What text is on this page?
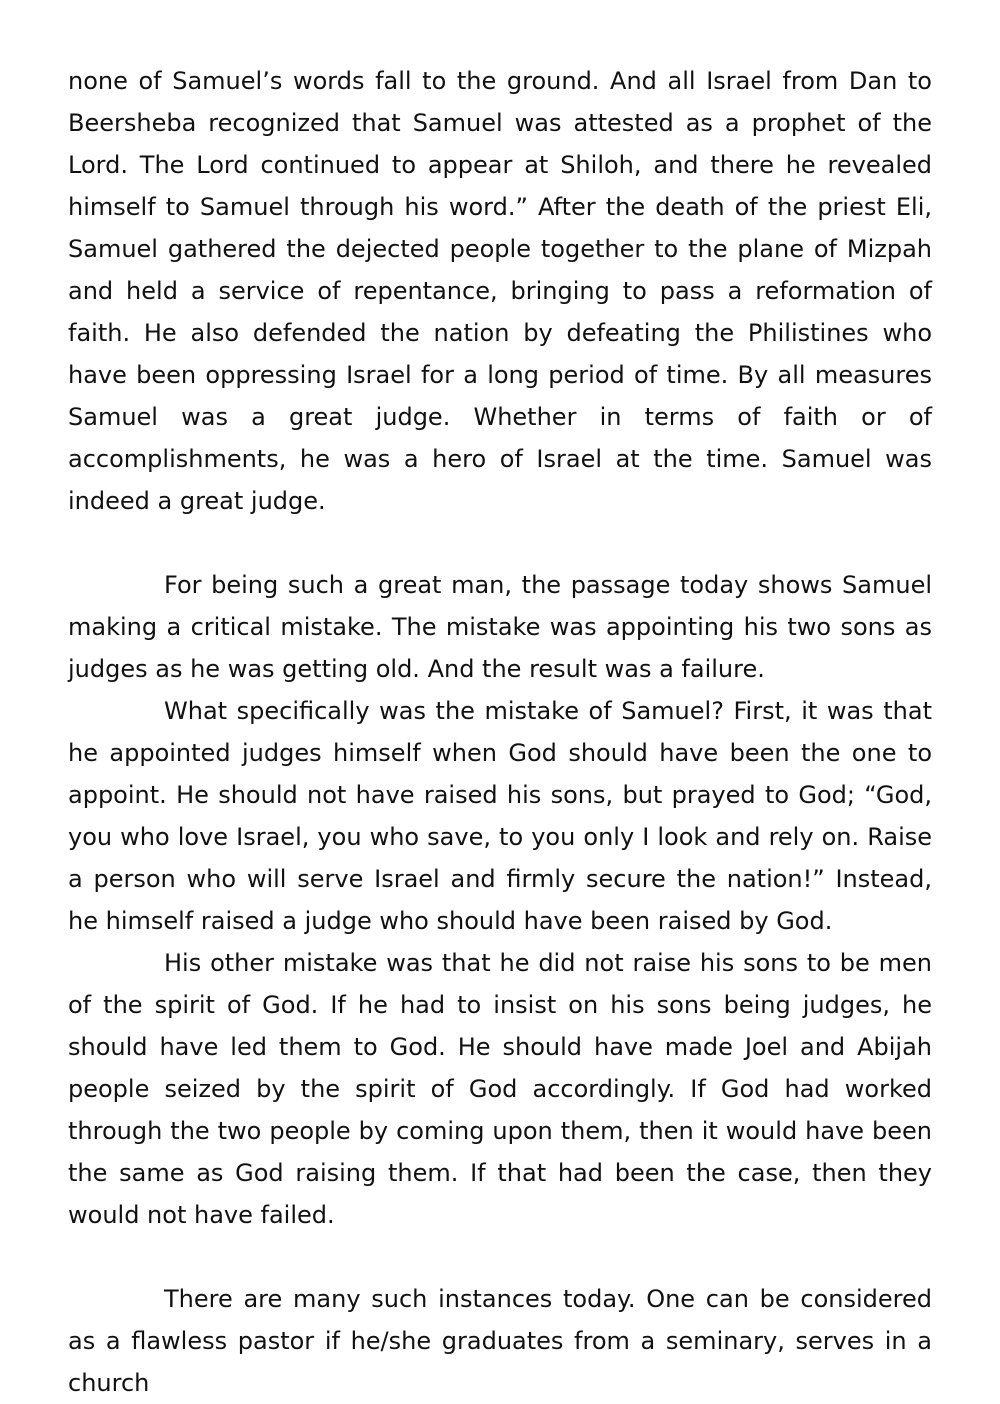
none of Samuel’s words fall to the ground. And all Israel from Dan to Beersheba recognized that Samuel was attested as a prophet of the Lord. The Lord continued to appear at Shiloh, and there he revealed himself to Samuel through his word.” After the death of the priest Eli, Samuel gathered the dejected people together to the plane of Mizpah and held a service of repentance, bringing to pass a reformation of faith. He also defended the nation by defeating the Philistines who have been oppressing Israel for a long period of time. By all measures Samuel was a great judge. Whether in terms of faith or of accomplishments, he was a hero of Israel at the time. Samuel was indeed a great judge.

For being such a great man, the passage today shows Samuel making a critical mistake. The mistake was appointing his two sons as judges as he was getting old. And the result was a failure.

What specifically was the mistake of Samuel? First, it was that he appointed judges himself when God should have been the one to appoint. He should not have raised his sons, but prayed to God; “God, you who love Israel, you who save, to you only I look and rely on. Raise a person who will serve Israel and firmly secure the nation!” Instead, he himself raised a judge who should have been raised by God.

His other mistake was that he did not raise his sons to be men of the spirit of God. If he had to insist on his sons being judges, he should have led them to God. He should have made Joel and Abijah people seized by the spirit of God accordingly. If God had worked through the two people by coming upon them, then it would have been the same as God raising them. If that had been the case, then they would not have failed.

There are many such instances today. One can be considered as a flawless pastor if he/she graduates from a seminary, serves in a church
